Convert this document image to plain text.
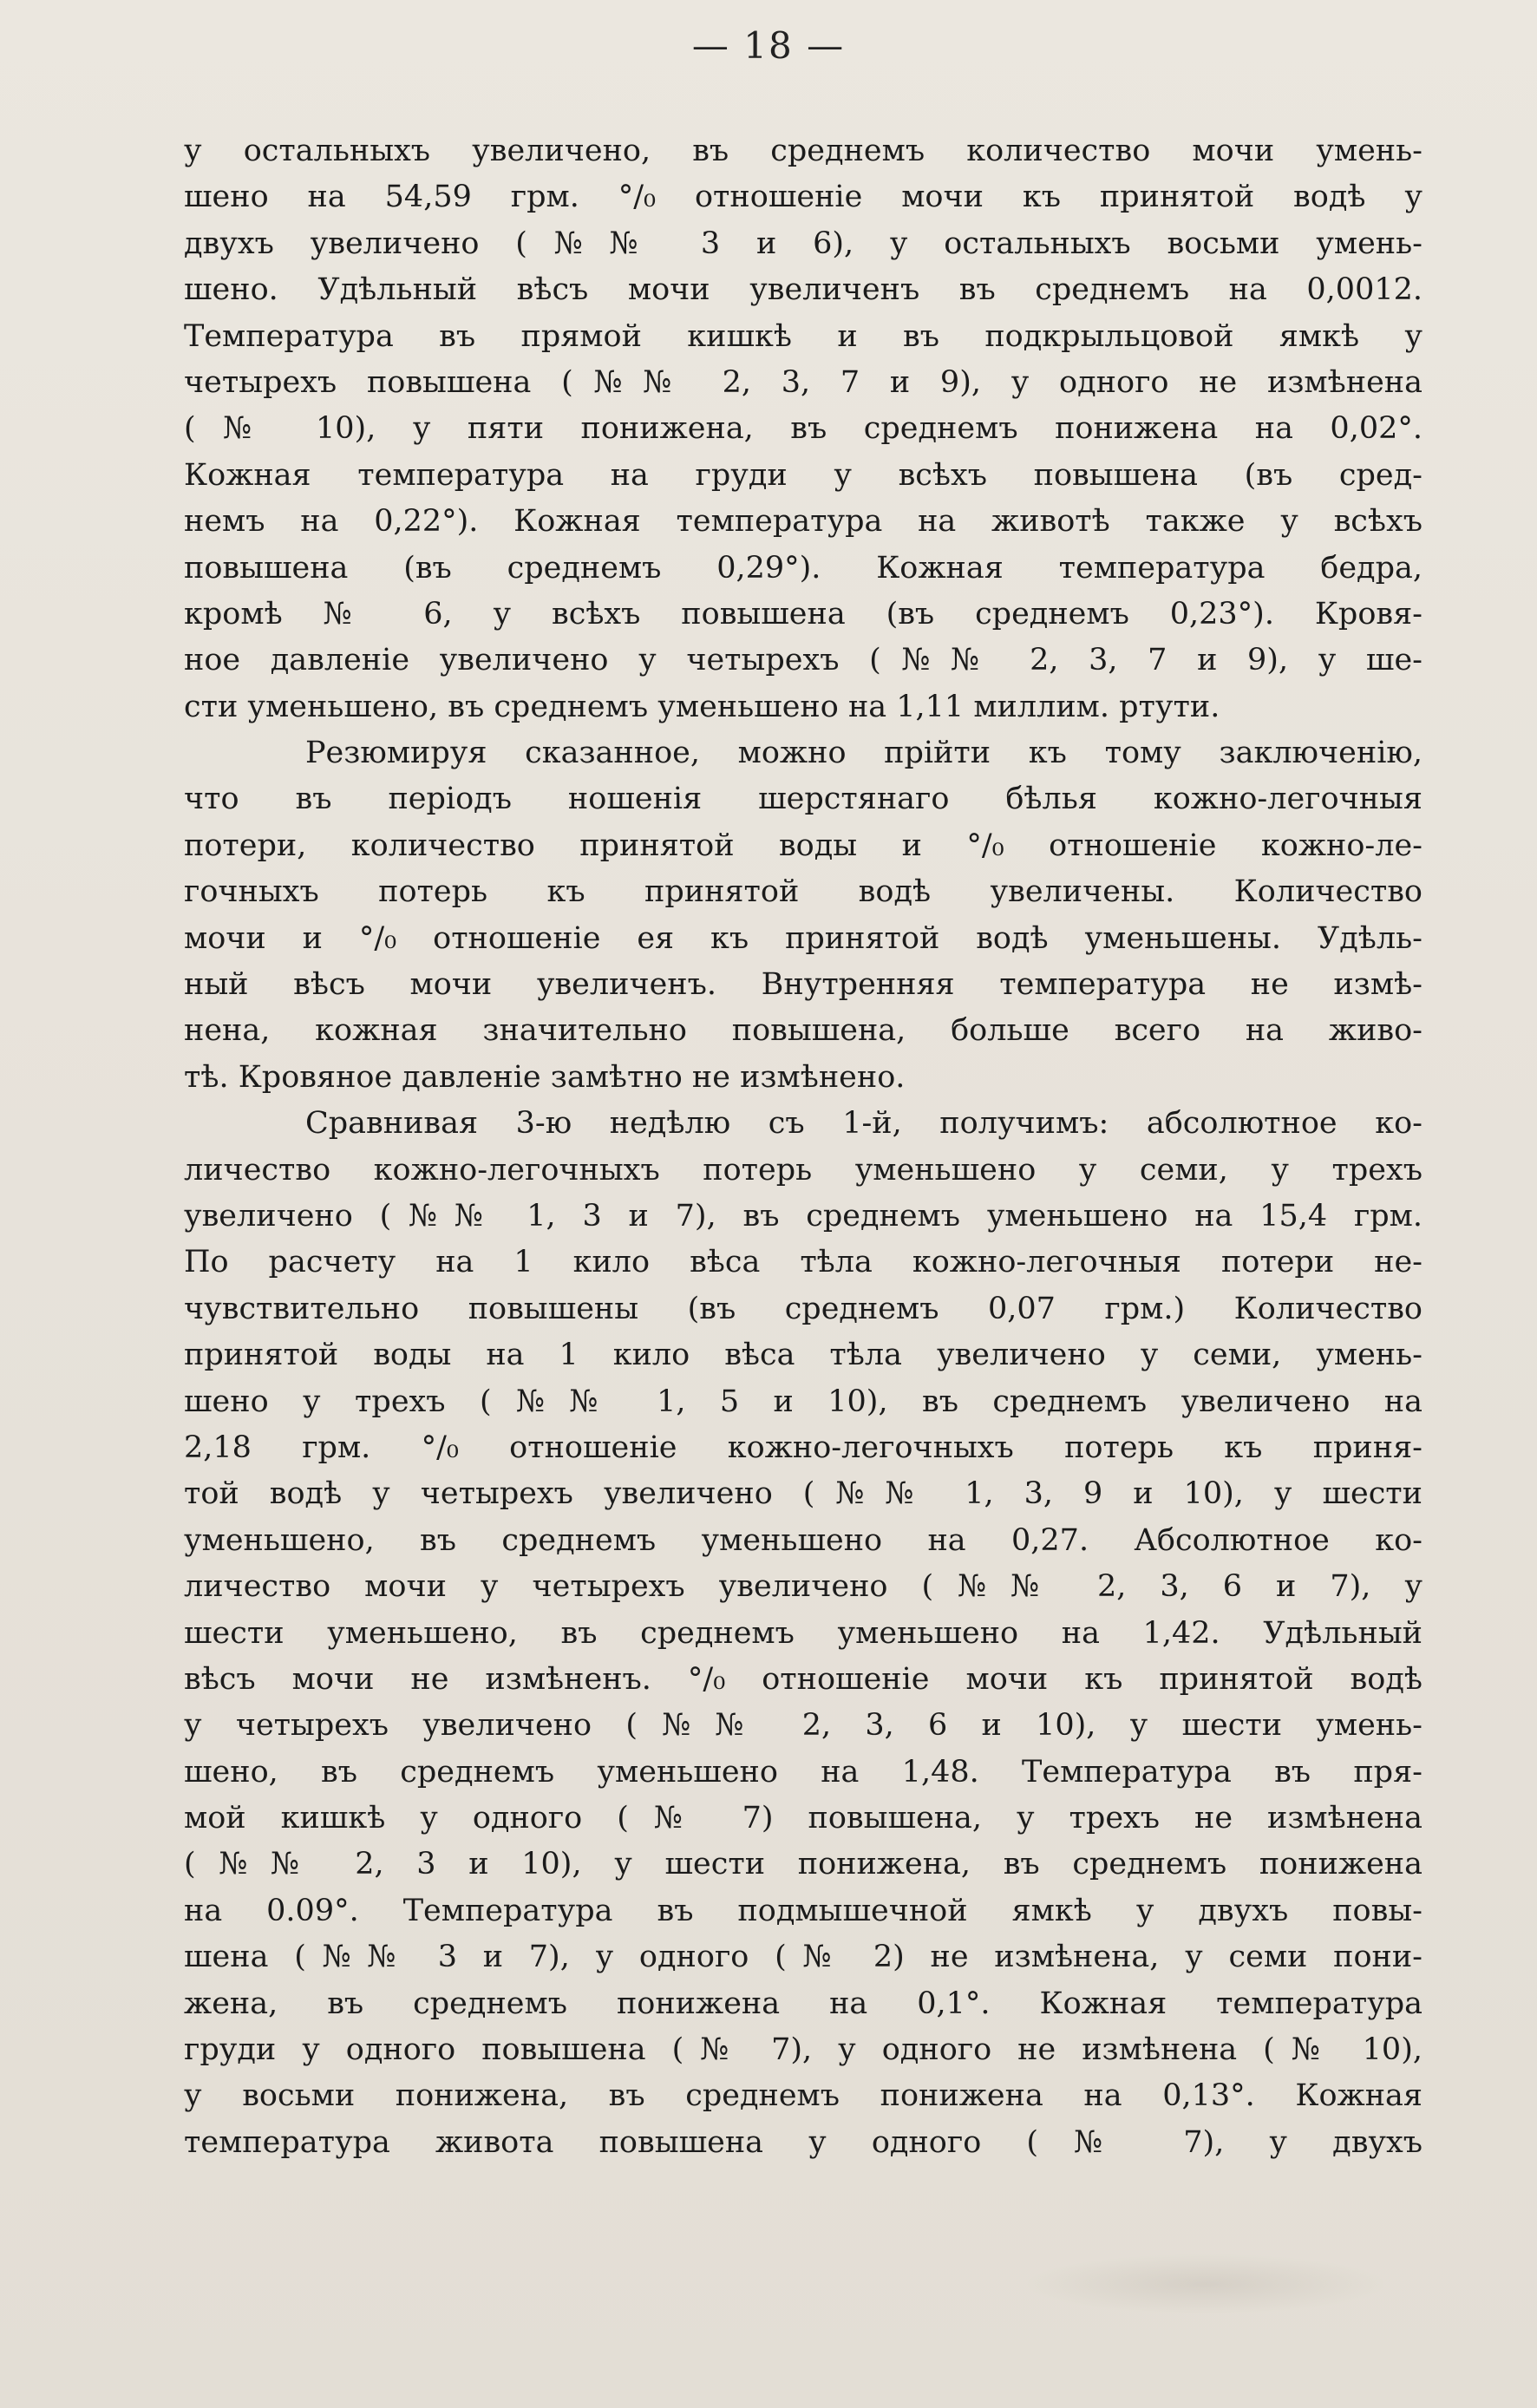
— 18 —
у остальныхъ увеличено, въ среднемъ количество мочи умень-
шено на 54,59 грм. °/₀ отношеніе мочи къ принятой водѣ у
двухъ увеличено (№№ 3 и 6), у остальныхъ восьми умень-
шено. Удѣльный вѣсъ мочи увеличенъ въ среднемъ на 0,0012.
Температура въ прямой кишкѣ и въ подкрыльцовой ямкѣ у
четырехъ повышена (№№ 2, 3, 7 и 9), у одного не измѣнена
(№ 10), у пяти понижена, въ среднемъ понижена на 0,02°.
Кожная температура на груди у всѣхъ повышена (въ сред-
немъ на 0,22°). Кожная температура на животѣ также у всѣхъ
повышена (въ среднемъ 0,29°). Кожная температура бедра,
кромѣ № 6, у всѣхъ повышена (въ среднемъ 0,23°). Кровя-
ное давленіе увеличено у четырехъ (№№ 2, 3, 7 и 9), у ше-
сти уменьшено, въ среднемъ уменьшено на 1,11 миллим. ртути.
Резюмируя сказанное, можно прійти къ тому заключенію,
что въ періодъ ношенія шерстянаго бѣлья кожно-легочныя
потери, количество принятой воды и °/₀ отношеніе кожно-ле-
гочныхъ потерь къ принятой водѣ увеличены. Количество
мочи и °/₀ отношеніе ея къ принятой водѣ уменьшены. Удѣль-
ный вѣсъ мочи увеличенъ. Внутренняя температура не измѣ-
нена, кожная значительно повышена, больше всего на живо-
тѣ. Кровяное давленіе замѣтно не измѣнено.
Сравнивая 3-ю недѣлю съ 1-й, получимъ: абсолютное ко-
личество кожно-легочныхъ потерь уменьшено у семи, у трехъ
увеличено (№№ 1, 3 и 7), въ среднемъ уменьшено на 15,4 грм.
По расчету на 1 кило вѣса тѣла кожно-легочныя потери не-
чувствительно повышены (въ среднемъ 0,07 грм.) Количество
принятой воды на 1 кило вѣса тѣла увеличено у семи, умень-
шено у трехъ (№№ 1, 5 и 10), въ среднемъ увеличено на
2,18 грм. °/₀ отношеніе кожно-легочныхъ потерь къ приня-
той водѣ у четырехъ увеличено (№№ 1, 3, 9 и 10), у шести
уменьшено, въ среднемъ уменьшено на 0,27. Абсолютное ко-
личество мочи у четырехъ увеличено (№№ 2, 3, 6 и 7), у
шести уменьшено, въ среднемъ уменьшено на 1,42. Удѣльный
вѣсъ мочи не измѣненъ. °/₀ отношеніе мочи къ принятой водѣ
у четырехъ увеличено (№№ 2, 3, 6 и 10), у шести умень-
шено, въ среднемъ уменьшено на 1,48. Температура въ пря-
мой кишкѣ у одного (№ 7) повышена, у трехъ не измѣнена
(№№ 2, 3 и 10), у шести понижена, въ среднемъ понижена
на 0.09°. Температура въ подмышечной ямкѣ у двухъ повы-
шена (№№ 3 и 7), у одного (№ 2) не измѣнена, у семи пони-
жена, въ среднемъ понижена на 0,1°. Кожная температура
груди у одного повышена (№ 7), у одного не измѣнена (№ 10),
у восьми понижена, въ среднемъ понижена на 0,13°. Кожная
температура живота повышена у одного (№ 7), у двухъ
